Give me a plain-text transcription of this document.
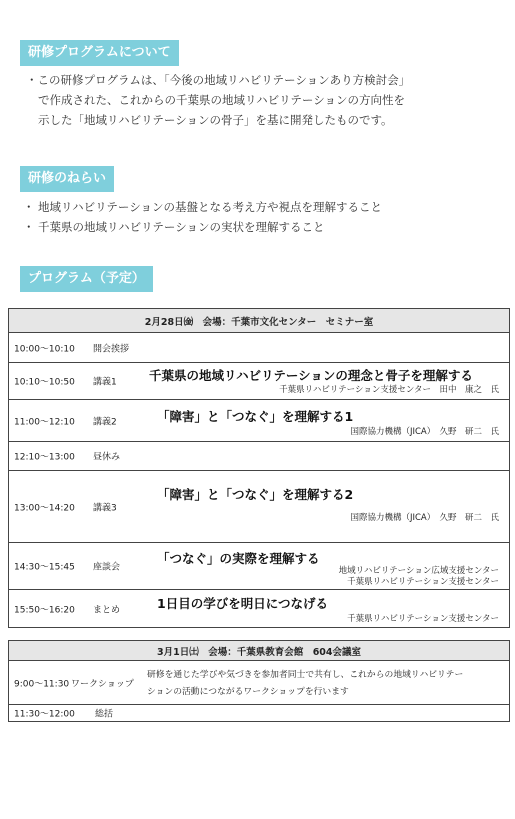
研修プログラムについて
・この研修プログラムは、「今後の地域リハビリテーションあり方検討会」
で作成された、これからの千葉県の地域リハビリテーションの方向性を
示した「地域リハビリテーションの骨子」を基に開発したものです。
研修のねらい
・ 地域リハビリテーションの基盤となる考え方や視点を理解すること
・ 千葉県の地域リハビリテーションの実状を理解すること
プログラム（予定）
2月28日㈮　会場：千葉市文化センター　セミナー室

10:00〜10:10 開会挨拶

10:10〜10:50 講義1	千葉県の地域リハビリテーションの理念と骨子を理解する
千葉県リハビリテーション支援センター　田中　康之　氏

11:00〜12:10 講義2	「障害」と「つなぐ」を理解する1
国際協力機構（JICA）　久野　研二　氏

12:10〜13:00 昼休み

13:00〜14:20 講義3
「障害」と「つなぐ」を理解する2
国際協力機構（JICA）　久野　研二　氏

14:30〜15:45 座談会
「つなぐ」の実際を理解する
地域リハビリテーション広域支援センター
千葉県リハビリテーション支援センター

15:50〜16:20 まとめ	1日目の学びを明日につなげる
千葉県リハビリテーション支援センター
3月1日㈯　会場：千葉県教育会館　604会議室

9:00〜11:30 ワークショップ
研修を通じた学びや気づきを参加者同士で共有し、これからの地域リハビリテーションの活動につながるワークショップを行います

11:30〜12:00 総括
